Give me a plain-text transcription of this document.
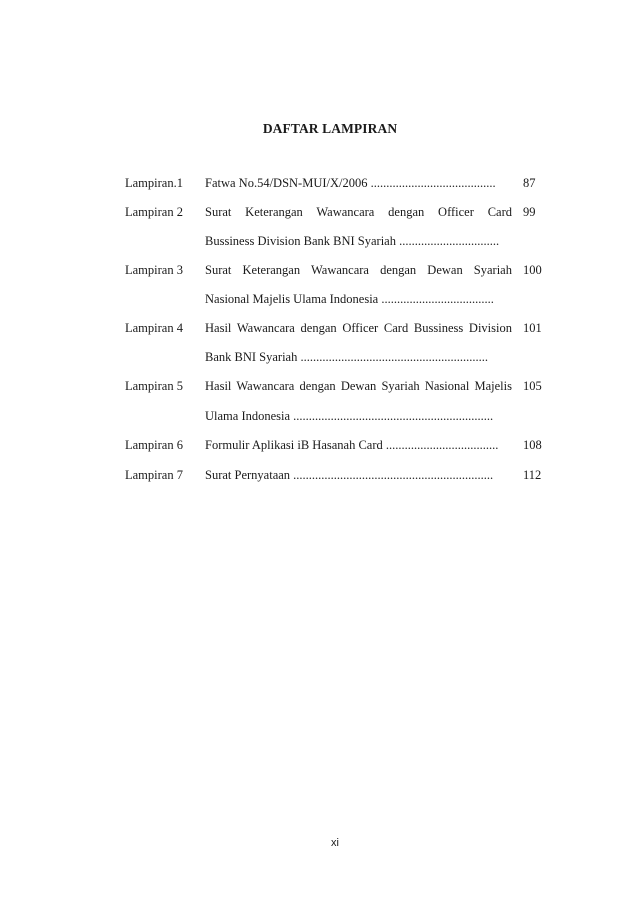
DAFTAR LAMPIRAN
Lampiran.1 Fatwa No.54/DSN-MUI/X/2006 ........................................	87
Lampiran 2 Surat Keterangan Wawancara dengan Officer Card 99
Bussiness Division Bank BNI Syariah ................................
Lampiran 3 Surat Keterangan Wawancara dengan Dewan Syariah 100
Nasional Majelis Ulama Indonesia ....................................
Lampiran 4 Hasil Wawancara dengan Officer Card Bussiness Division 101
Bank BNI Syariah ............................................................
Lampiran 5 Hasil Wawancara dengan Dewan Syariah Nasional Majelis 105
Ulama Indonesia ................................................................
Lampiran 6 Formulir Aplikasi iB Hasanah Card ....................................	108
Lampiran 7 Surat Pernyataan ................................................................	112
xi
